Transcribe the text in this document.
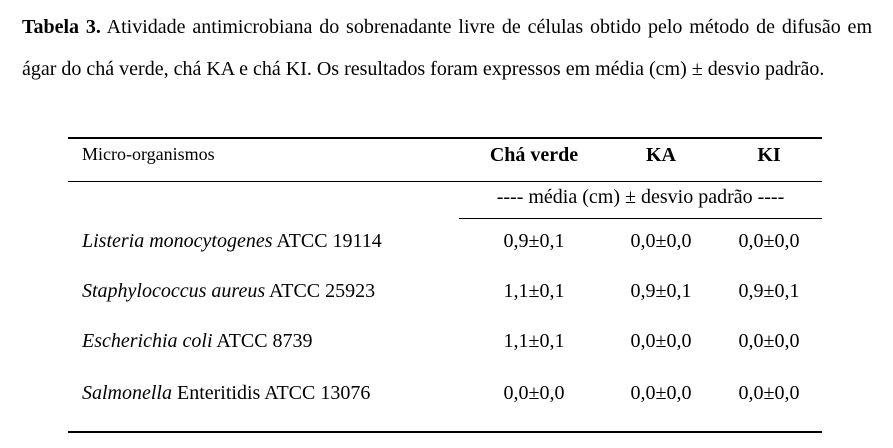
Tabela 3. Atividade antimicrobiana do sobrenadante livre de células obtido pelo método de difusão em ágar do chá verde, chá KA e chá KI. Os resultados foram expressos em média (cm) ± desvio padrão.
Micro-organismos	Chá verde	KA	KI
---- média (cm) ± desvio padrão ----
Listeria monocytogenes ATCC 19114	0,9±0,1	0,0±0,0	0,0±0,0
Staphylococcus aureus ATCC 25923	1,1±0,1	0,9±0,1	0,9±0,1
Escherichia coli ATCC 8739	1,1±0,1	0,0±0,0	0,0±0,0
Salmonella Enteritidis ATCC 13076	0,0±0,0	0,0±0,0	0,0±0,0
